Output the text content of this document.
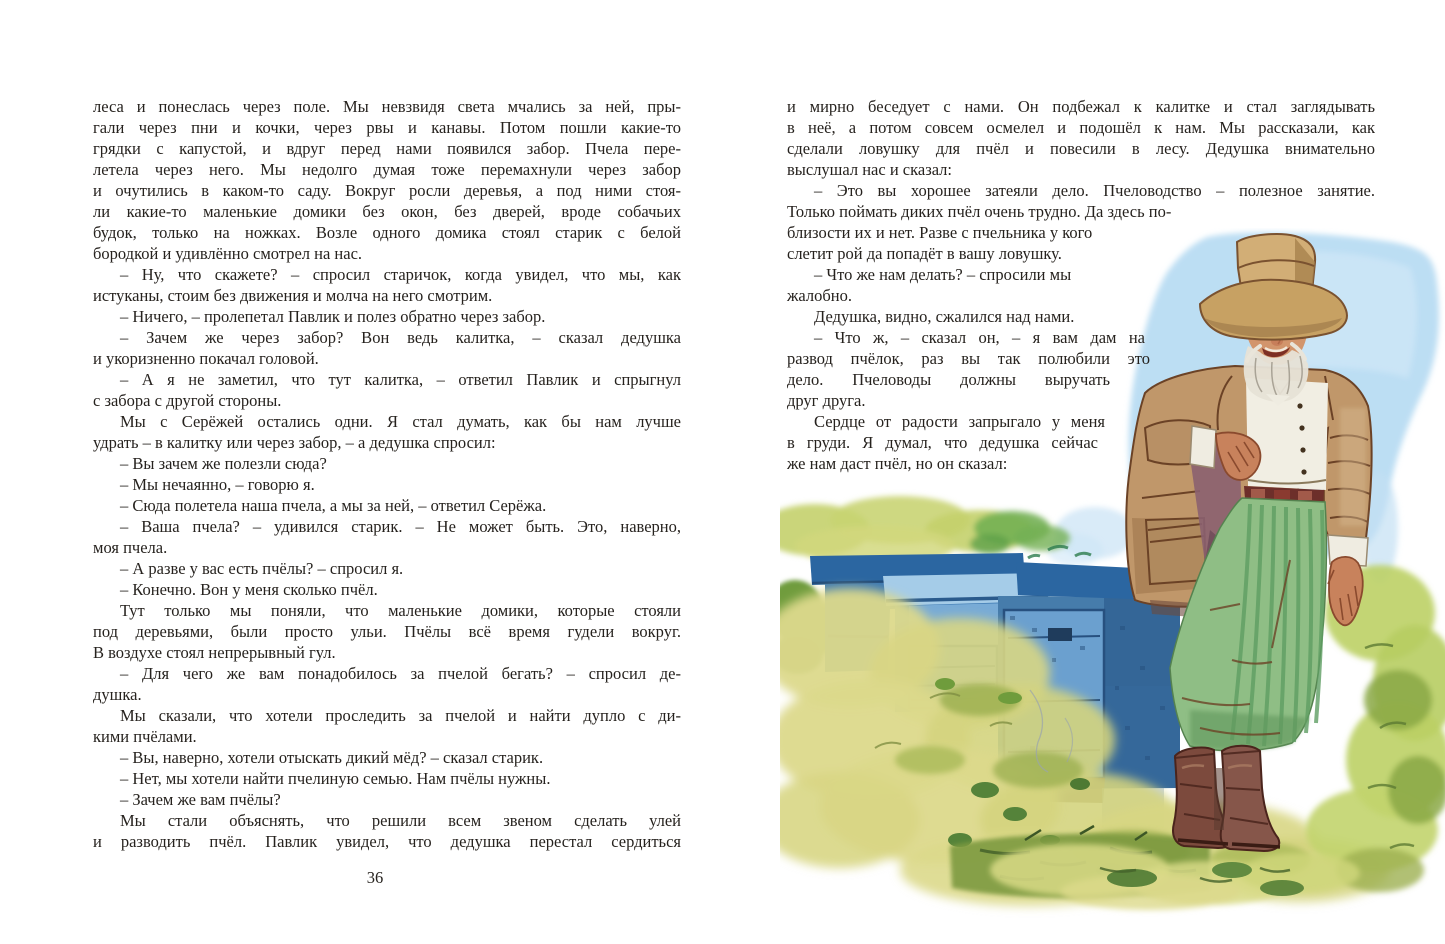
леса и понеслась через поле. Мы невзвидя света мчались за ней, пры-
гали через пни и кочки, через рвы и канавы. Потом пошли какие-то
грядки с капустой, и вдруг перед нами появился забор. Пчела пере-
летела через него. Мы недолго думая тоже перемахнули через забор
и очутились в каком-то саду. Вокруг росли деревья, а под ними стоя-
ли какие-то маленькие домики без окон, без дверей, вроде собачьих
будок, только на ножках. Возле одного домика стоял старик с белой
бородкой и удивлённо смотрел на нас.
– Ну, что скажете? – спросил старичок, когда увидел, что мы, как
истуканы, стоим без движения и молча на него смотрим.
– Ничего, – пролепетал Павлик и полез обратно через забор.
– Зачем же через забор? Вон ведь калитка, – сказал дедушка
и укоризненно покачал головой.
– А я не заметил, что тут калитка, – ответил Павлик и спрыгнул
с забора с другой стороны.
Мы с Серёжей остались одни. Я стал думать, как бы нам лучше
удрать – в калитку или через забор, – а дедушка спросил:
– Вы зачем же полезли сюда?
– Мы нечаянно, – говорю я.
– Сюда полетела наша пчела, а мы за ней, – ответил Серёжа.
– Ваша пчела? – удивился старик. – Не может быть. Это, наверно,
моя пчела.
– А разве у вас есть пчёлы? – спросил я.
– Конечно. Вон у меня сколько пчёл.
Тут только мы поняли, что маленькие домики, которые стояли
под деревьями, были просто ульи. Пчёлы всё время гудели вокруг.
В воздухе стоял непрерывный гул.
– Для чего же вам понадобилось за пчелой бегать? – спросил де-
душка.
Мы сказали, что хотели проследить за пчелой и найти дупло с ди-
кими пчёлами.
– Вы, наверно, хотели отыскать дикий мёд? – сказал старик.
– Нет, мы хотели найти пчелиную семью. Нам пчёлы нужны.
– Зачем же вам пчёлы?
Мы стали объяснять, что решили всем звеном сделать улей
и разводить пчёл. Павлик увидел, что дедушка перестал сердиться
и мирно беседует с нами. Он подбежал к калитке и стал заглядывать
в неё, а потом совсем осмелел и подошёл к нам. Мы рассказали, как
сделали ловушку для пчёл и повесили в лесу. Дедушка внимательно
выслушал нас и сказал:
– Это вы хорошее затеяли дело. Пчеловодство – полезное занятие.
Только поймать диких пчёл очень трудно. Да здесь по-
близости их и нет. Разве с пчельника у кого
слетит рой да попадёт в вашу ловушку.
– Что же нам делать? – спросили мы
жалобно.
Дедушка, видно, сжалился над нами.
– Что ж, – сказал он, – я вам дам на
развод пчёлок, раз вы так полюбили это
дело. Пчеловоды должны выручать
друг друга.
Сердце от радости запрыгало у меня
в груди. Я думал, что дедушка сейчас
же нам даст пчёл, но он сказал:
36
